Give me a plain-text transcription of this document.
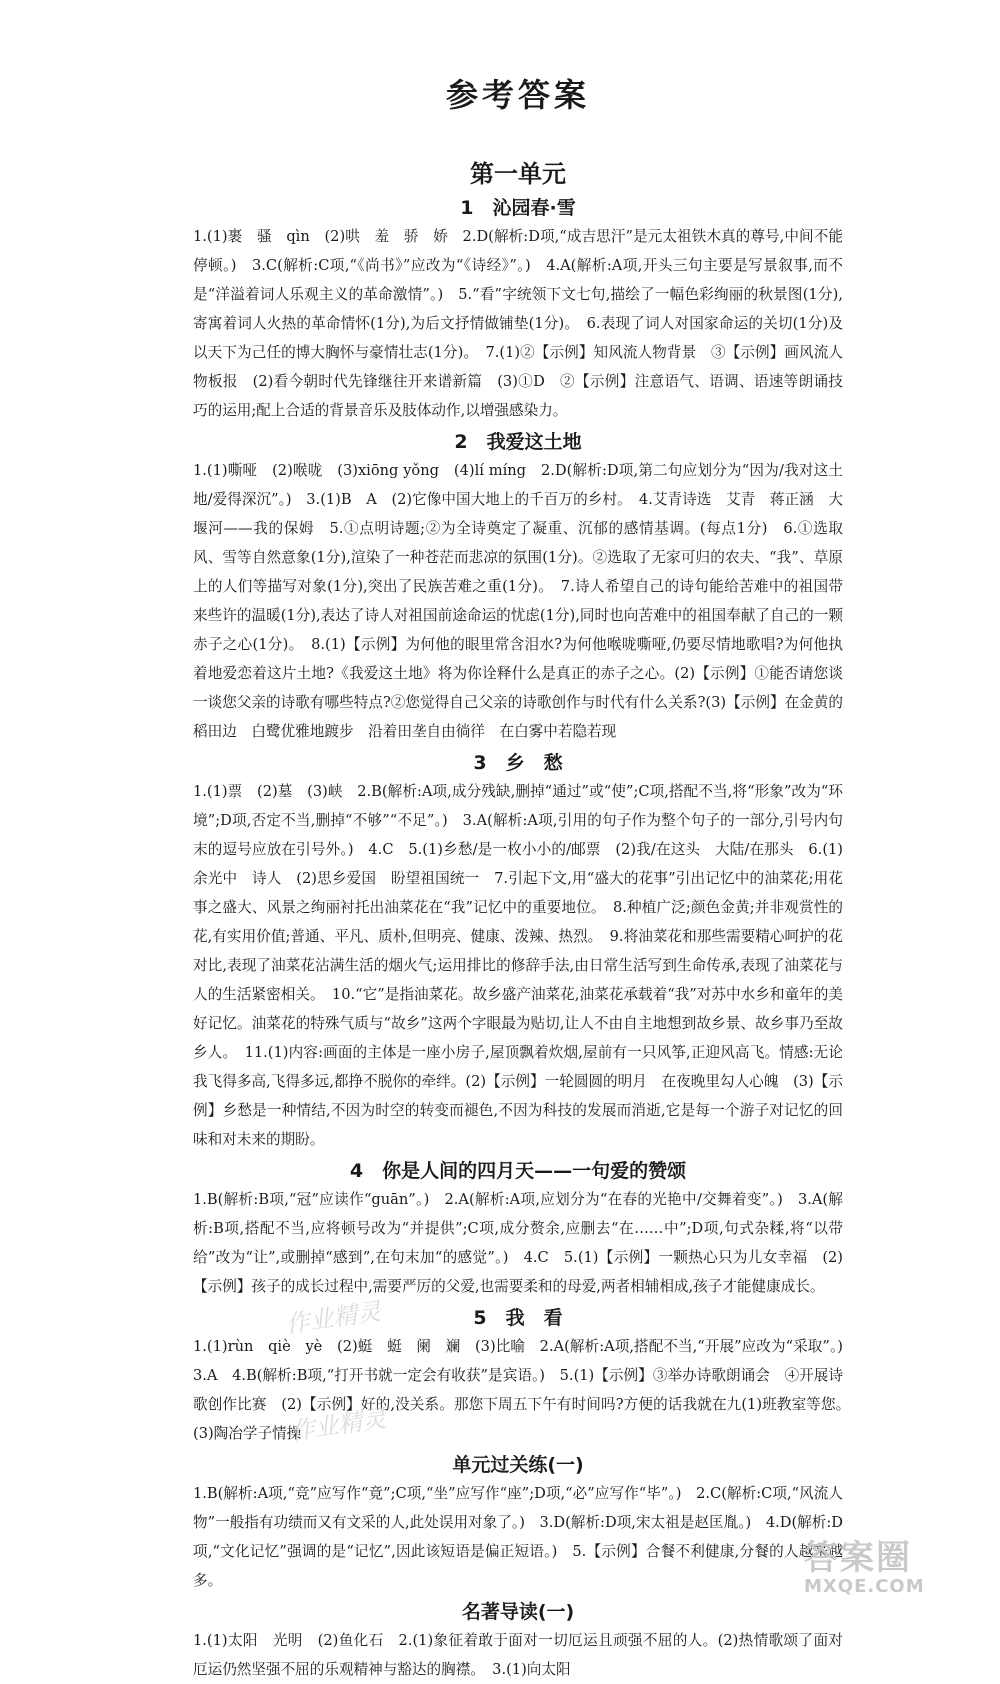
参考答案
第一单元
1　沁园春·雪

1.(1)裹　骚　qìn　(2)哄　羞　骄　娇　2.D(解析:D项,“成吉思汗”是元太祖铁木真的尊号,中间不能停顿。)　3.C(解析:C项,“《尚书》”应改为“《诗经》”。)　4.A(解析:A项,开头三句主要是写景叙事,而不是“洋溢着词人乐观主义的革命激情”。)　5.“看”字统领下文七句,描绘了一幅色彩绚丽的秋景图(1分),寄寓着词人火热的革命情怀(1分),为后文抒情做铺垫(1分)。　6.表现了词人对国家命运的关切(1分)及以天下为己任的博大胸怀与豪情壮志(1分)。　7.(1)②【示例】知风流人物背景　③【示例】画风流人物板报　(2)看今朝时代先锋继往开来谱新篇　(3)①D　②【示例】注意语气、语调、语速等朗诵技巧的运用;配上合适的背景音乐及肢体动作,以增强感染力。

2　我爱这土地

1.(1)嘶哑　(2)喉咙　(3)xiōng yǒng　(4)lí míng　2.D(解析:D项,第二句应划分为“因为/我对这土地/爱得深沉”。)　3.(1)B　A　(2)它像中国大地上的千百万的乡村。　4.艾青诗选　艾青　蒋正涵　大堰河——我的保姆　5.①点明诗题;②为全诗奠定了凝重、沉郁的感情基调。(每点1分)　6.①选取风、雪等自然意象(1分),渲染了一种苍茫而悲凉的氛围(1分)。②选取了无家可归的农夫、“我”、草原上的人们等描写对象(1分),突出了民族苦难之重(1分)。　7.诗人希望自己的诗句能给苦难中的祖国带来些许的温暖(1分),表达了诗人对祖国前途命运的忧虑(1分),同时也向苦难中的祖国奉献了自己的一颗赤子之心(1分)。　8.(1)【示例】为何他的眼里常含泪水?为何他喉咙嘶哑,仍要尽情地歌唱?为何他执着地爱恋着这片土地?《我爱这土地》将为你诠释什么是真正的赤子之心。(2)【示例】①能否请您谈一谈您父亲的诗歌有哪些特点?②您觉得自己父亲的诗歌创作与时代有什么关系?(3)【示例】在金黄的稻田边　白鹭优雅地踱步　沿着田垄自由徜徉　在白雾中若隐若现

3　乡　愁

1.(1)票　(2)墓　(3)峡　2.B(解析:A项,成分残缺,删掉“通过”或“使”;C项,搭配不当,将“形象”改为“环境”;D项,否定不当,删掉“不够”“不足”。)　3.A(解析:A项,引用的句子作为整个句子的一部分,引号内句末的逗号应放在引号外。)　4.C　5.(1)乡愁/是一枚小小的/邮票　(2)我/在这头　大陆/在那头　6.(1)余光中　诗人　(2)思乡爱国　盼望祖国统一　7.引起下文,用“盛大的花事”引出记忆中的油菜花;用花事之盛大、风景之绚丽衬托出油菜花在“我”记忆中的重要地位。　8.种植广泛;颜色金黄;并非观赏性的花,有实用价值;普通、平凡、质朴,但明亮、健康、泼辣、热烈。　9.将油菜花和那些需要精心呵护的花对比,表现了油菜花沾满生活的烟火气;运用排比的修辞手法,由日常生活写到生命传承,表现了油菜花与人的生活紧密相关。　10.“它”是指油菜花。故乡盛产油菜花,油菜花承载着“我”对苏中水乡和童年的美好记忆。油菜花的特殊气质与“故乡”这两个字眼最为贴切,让人不由自主地想到故乡景、故乡事乃至故乡人。　11.(1)内容:画面的主体是一座小房子,屋顶飘着炊烟,屋前有一只风筝,正迎风高飞。情感:无论我飞得多高,飞得多远,都挣不脱你的牵绊。(2)【示例】一轮圆圆的明月　在夜晚里勾人心魄　(3)【示例】乡愁是一种情结,不因为时空的转变而褪色,不因为科技的发展而消逝,它是每一个游子对记忆的回味和对未来的期盼。

4　你是人间的四月天——一句爱的赞颂

1.B(解析:B项,“冠”应读作“guān”。)　2.A(解析:A项,应划分为“在春的光艳中/交舞着变”。)　3.A(解析:B项,搭配不当,应将顿号改为“并提供”;C项,成分赘余,应删去“在……中”;D项,句式杂糅,将“以带给”改为“让”,或删掉“感到”,在句末加“的感觉”。)　4.C　5.(1)【示例】一颗热心只为儿女幸福　(2)【示例】孩子的成长过程中,需要严厉的父爱,也需要柔和的母爱,两者相辅相成,孩子才能健康成长。

5　我　看

1.(1)rùn　qiè　yè　(2)蜓　蜓　阑　斓　(3)比喻　2.A(解析:A项,搭配不当,“开展”应改为“采取”。)　3.A　4.B(解析:B项,“打开书就一定会有收获”是宾语。)　5.(1)【示例】③举办诗歌朗诵会　④开展诗歌创作比赛　(2)【示例】好的,没关系。那您下周五下午有时间吗?方便的话我就在九(1)班教室等您。　(3)陶冶学子情操

单元过关练(一)

1.B(解析:A项,“竞”应写作“竟”;C项,“坐”应写作“座”;D项,“必”应写作“毕”。)　2.C(解析:C项,“风流人物”一般指有功绩而又有文采的人,此处误用对象了。)　3.D(解析:D项,宋太祖是赵匡胤。)　4.D(解析:D项,“文化记忆”强调的是“记忆”,因此该短语是偏正短语。)　5.【示例】合餐不利健康,分餐的人越来越多。

名著导读(一)

1.(1)太阳　光明　(2)鱼化石　2.(1)象征着敢于面对一切厄运且顽强不屈的人。(2)热情歌颂了面对厄运仍然坚强不屈的乐观精神与豁达的胸襟。　3.(1)向太阳

作业精灵
作业精灵
答案圈
MXQE.COM
